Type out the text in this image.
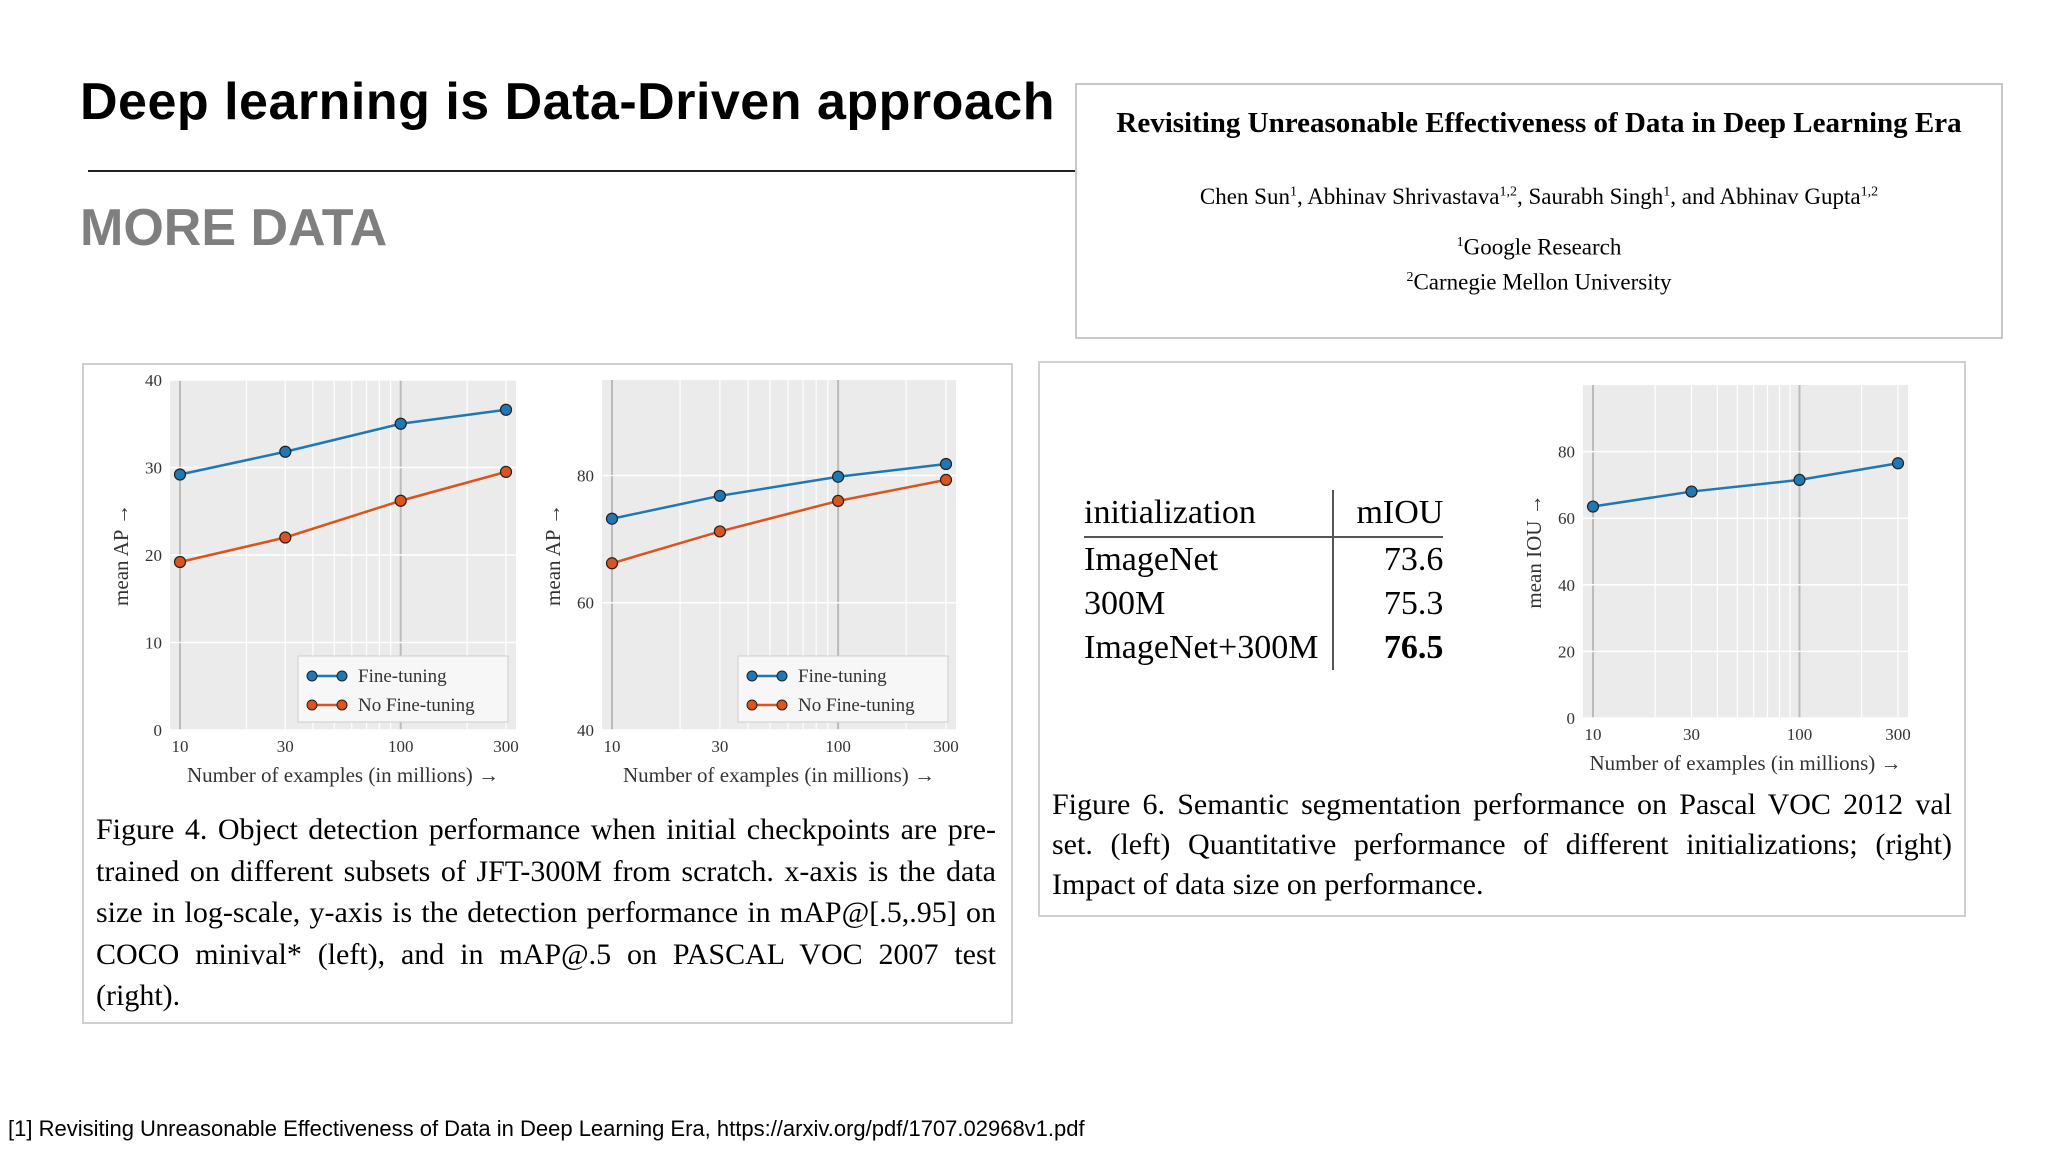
Deep learning is Data-Driven approach
MORE DATA
Revisiting Unreasonable Effectiveness of Data in Deep Learning Era
Chen Sun$^1$, Abhinav Shrivastava$^{1,2}$, Saurabh Singh$^1$, and Abhinav Gupta$^{1,2}$
$^1$Google Research
$^2$Carnegie Mellon University
0
10
20
30
40
10	30	100	300
Number of examples (in millions) →
mean AP →
Fine-tuning
No Fine-tuning
40
60
80
10	30	100	300
Number of examples (in millions) →
mean AP →
Fine-tuning
No Fine-tuning
Figure 4. Object detection performance when initial checkpoints are pre-trained on different subsets of JFT-300M from scratch. x-axis is the data size in log-scale, y-axis is the detection performance in mAP@[.5,.95] on COCO minival* (left), and in mAP@.5 on PASCAL VOC 2007 test (right).
initialization	mIOU
ImageNet	73.6
300M	75.3
ImageNet+300M	76.5
0
20
40
60
80
10	30	100	300
Number of examples (in millions) →
mean IOU →
Figure 6. Semantic segmentation performance on Pascal VOC 2012 val set. (left) Quantitative performance of different initializations; (right) Impact of data size on performance.
[1] Revisiting Unreasonable Effectiveness of Data in Deep Learning Era, https://arxiv.org/pdf/1707.02968v1.pdf
